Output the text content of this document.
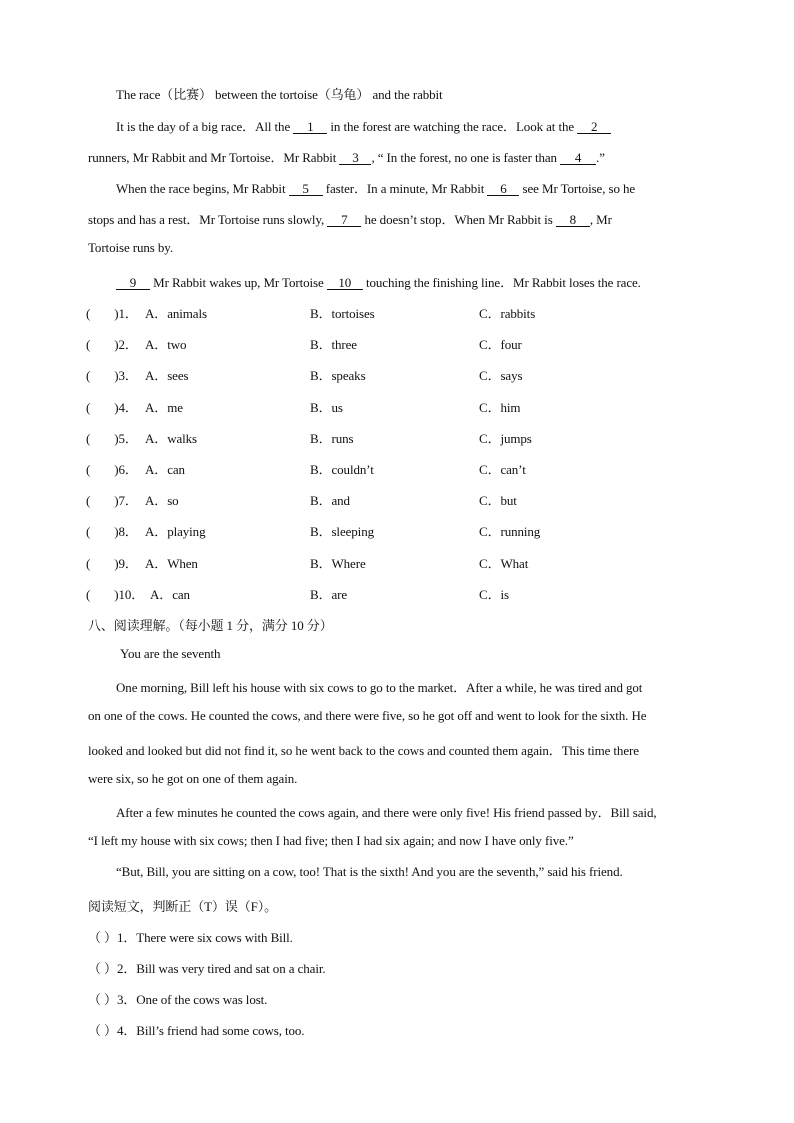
The race（比赛） between the tortoise（乌龟） and the rabbit
It is the day of a big race．All the 1 in the forest are watching the race．Look at the 2
runners, Mr Rabbit and Mr Tortoise．Mr Rabbit 3 , “ In the forest, no one is faster than 4 .”
When the race begins, Mr Rabbit 5 faster．In a minute, Mr Rabbit 6 see Mr Tortoise, so he
stops and has a rest．Mr Tortoise runs slowly, 7 he doesn’t stop．When Mr Rabbit is 8 , Mr
Tortoise runs by.
9 Mr Rabbit wakes up, Mr Tortoise 10 touching the finishing line．Mr Rabbit loses the race.
( )1． A．animals	B．tortoises	C．rabbits
( )2． A．two	B．three	C．four
( )3． A．sees	B．speaks	C．says
( )4． A．me	B．us	C．him
( )5． A．walks	B．runs	C．jumps
( )6． A．can	B．couldn’t	C．can’t
( )7． A．so	B．and	C．but
( )8． A．playing	B．sleeping	C．running
( )9． A．When	B．Where	C．What
( )10． A．can	B．are	C．is
八、阅读理解。（每小题 1 分，满分 10 分）
You are the seventh
One morning, Bill left his house with six cows to go to the market．After a while, he was tired and got
on one of the cows. He counted the cows, and there were five, so he got off and went to look for the sixth. He
looked and looked but did not find it, so he went back to the cows and counted them again．This time there
were six, so he got on one of them again.
After a few minutes he counted the cows again, and there were only five! His friend passed by．Bill said,
“I left my house with six cows; then I had five; then I had six again; and now I have only five.”
“But, Bill, you are sitting on a cow, too! That is the sixth! And you are the seventh,” said his friend.
阅读短文，判断正（T）误（F）。
（ ）1．There were six cows with Bill.
（ ）2．Bill was very tired and sat on a chair.
（ ）3．One of the cows was lost.
（ ）4．Bill’s friend had some cows, too.
